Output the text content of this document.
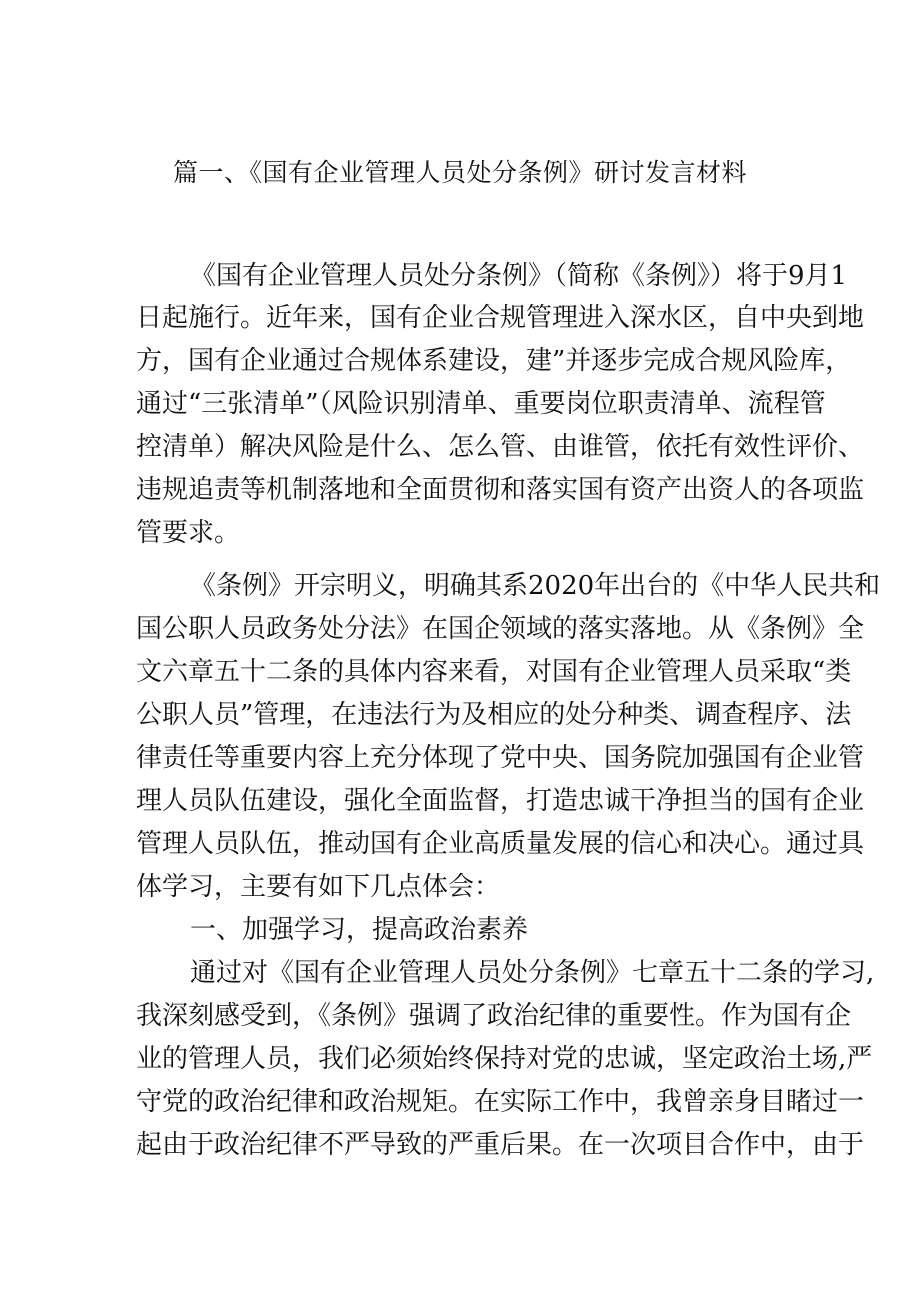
篇一、《国有企业管理人员处分条例》研讨发言材料
《国有企业管理人员处分条例》（简称《条例》）将于9月1
日起施行。近年来，国有企业合规管理进入深水区，自中央到地
方，国有企业通过合规体系建设，建”并逐步完成合规风险库，
通过“三张清单”（风险识别清单、重要岗位职责清单、流程管
控清单）解决风险是什么、怎么管、由谁管，依托有效性评价、
违规追责等机制落地和全面贯彻和落实国有资产出资人的各项监
管要求。
《条例》开宗明义，明确其系2020年出台的《中华人民共和
国公职人员政务处分法》在国企领域的落实落地。从《条例》全
文六章五十二条的具体内容来看，对国有企业管理人员采取“类
公职人员”管理，在违法行为及相应的处分种类、调查程序、法
律责任等重要内容上充分体现了党中央、国务院加强国有企业管
理人员队伍建设，强化全面监督，打造忠诚干净担当的国有企业
管理人员队伍，推动国有企业高质量发展的信心和决心。通过具
体学习，主要有如下几点体会：
一、加强学习，提高政治素养
通过对《国有企业管理人员处分条例》七章五十二条的学习,
我深刻感受到，《条例》强调了政治纪律的重要性。作为国有企
业的管理人员，我们必须始终保持对党的忠诚，坚定政治土场,严
守党的政治纪律和政治规矩。在实际工作中，我曾亲身目睹过一
起由于政治纪律不严导致的严重后果。在一次项目合作中，由于
